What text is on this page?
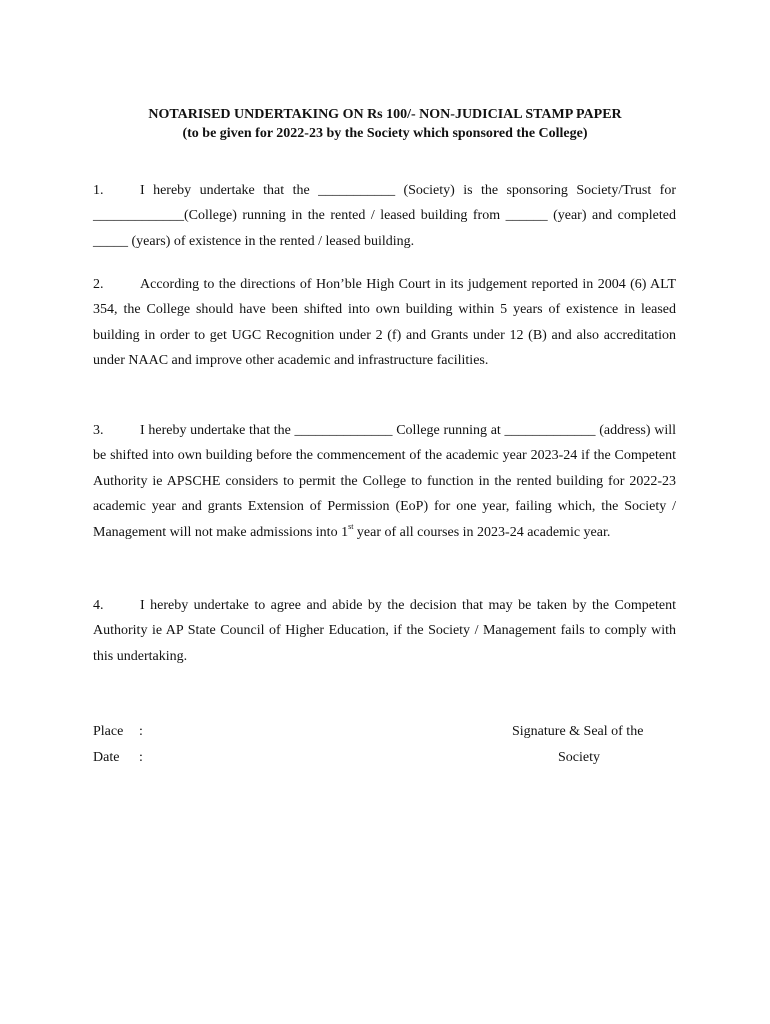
NOTARISED UNDERTAKING ON Rs 100/- NON-JUDICIAL STAMP PAPER
(to be given for 2022-23 by the Society which sponsored the College)
1.	I hereby undertake that the ___________ (Society) is the sponsoring Society/Trust for _____________(College) running in the rented / leased building from ______ (year) and completed _____ (years) of existence in the rented / leased building.
2.	According to the directions of Hon’ble High Court in its judgement reported in 2004 (6) ALT 354, the College should have been shifted into own building within 5 years of existence in leased building in order to get UGC Recognition under 2 (f) and Grants under 12 (B) and also accreditation under NAAC and improve other academic and infrastructure facilities.
3.	I hereby undertake that the ______________ College running at _____________ (address) will be shifted into own building before the commencement of the academic year 2023-24 if the Competent Authority ie APSCHE considers to permit the College to function in the rented building for 2022-23 academic year and grants Extension of Permission (EoP) for one year, failing which, the Society / Management will not make admissions into 1st year of all courses in 2023-24 academic year.
4.	I hereby undertake to agree and abide by the decision that may be taken by the Competent Authority ie AP State Council of Higher Education, if the Society / Management fails to comply with this undertaking.
Place :
Date :
Signature & Seal of the
Society
